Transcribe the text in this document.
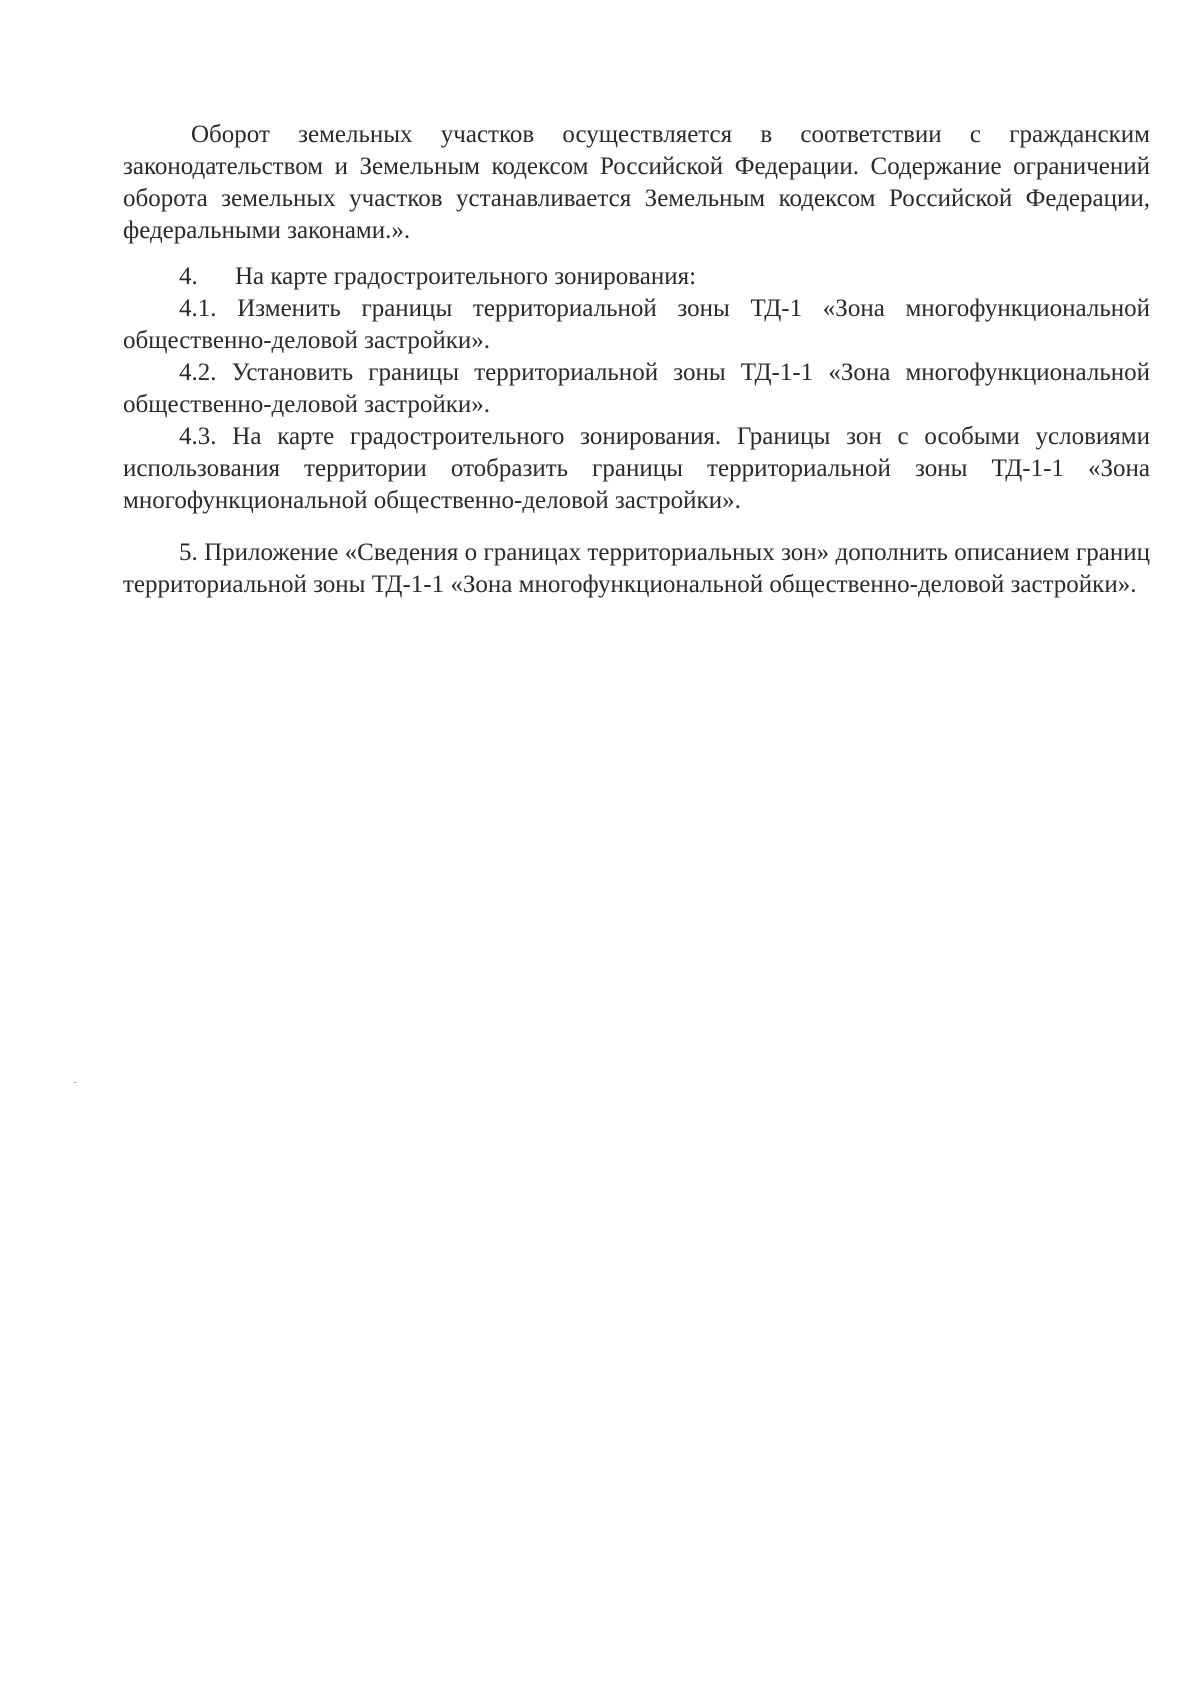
Оборот земельных участков осуществляется в соответствии с гражданским законодательством и Земельным кодексом Российской Федерации. Содержание ограничений оборота земельных участков устанавливается Земельным кодексом Российской Федерации, федеральными законами.».

4. На карте градостроительного зонирования:

4.1. Изменить границы территориальной зоны ТД-1 «Зона многофункциональной общественно-деловой застройки».

4.2. Установить границы территориальной зоны ТД-1-1 «Зона многофункциональной общественно-деловой застройки».

4.3. На карте градостроительного зонирования. Границы зон с особыми условиями использования территории отобразить границы территориальной зоны ТД-1-1 «Зона многофункциональной общественно-деловой застройки».

5. Приложение «Сведения о границах территориальных зон» дополнить описанием границ территориальной зоны ТД-1-1 «Зона многофункциональной общественно-деловой застройки».
